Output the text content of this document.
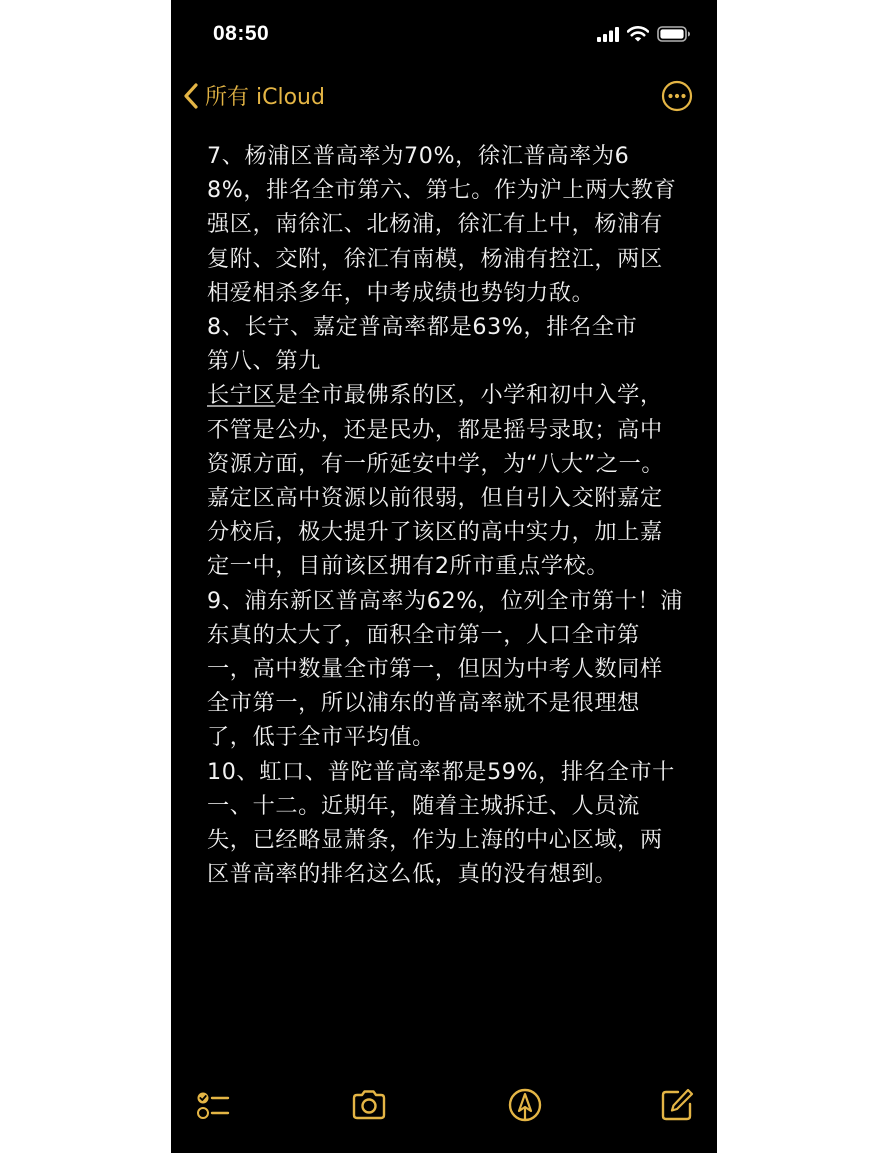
08:50
所有 iCloud

7、杨浦区普高率为70%，徐汇普高率为68%，排名全市第六、第七。作为沪上两大教育强区，南徐汇、北杨浦，徐汇有上中，杨浦有复附、交附，徐汇有南模，杨浦有控江，两区相爱相杀多年，中考成绩也势钧力敌。

8、长宁、嘉定普高率都是63%，排名全市

第八、第九

长宁区是全市最佛系的区，小学和初中入学，不管是公办，还是民办，都是摇号录取；高中资源方面，有一所延安中学，为“八大”之一。

嘉定区高中资源以前很弱，但自引入交附嘉定分校后，极大提升了该区的高中实力，加上嘉定一中，目前该区拥有2所市重点学校。

9、浦东新区普高率为62%，位列全市第十！浦东真的太大了，面积全市第一，人口全市第一，高中数量全市第一，但因为中考人数同样全市第一，所以浦东的普高率就不是很理想了，低于全市平均值。

10、虹口、普陀普高率都是59%，排名全市十一、十二。近期年，随着主城拆迁、人员流失，已经略显萧条，作为上海的中心区域，两区普高率的排名这么低，真的没有想到。
